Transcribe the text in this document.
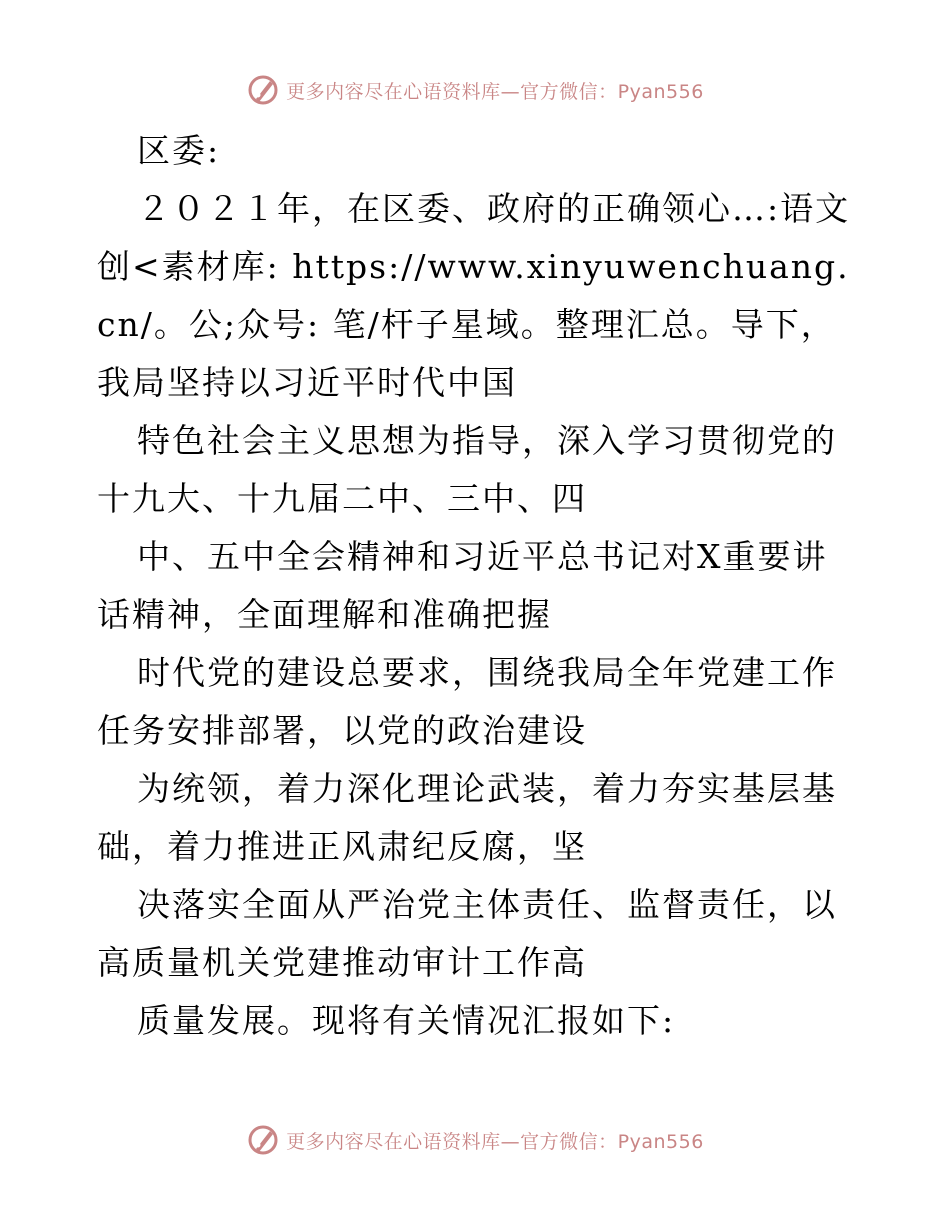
更多内容尽在心语资料库—官方微信：Pyan556

区委:

２０２１年，在区委、政府的正确领心…:语文创<素材库: https://www.xinyuwenchuang.cn/。公;众号: 笔/杆子星域。整理汇总。导下，我局坚持以习近平时代中国

特色社会主义思想为指导，深入学习贯彻党的十九大、十九届二中、三中、四

中、五中全会精神和习近平总书记对X重要讲话精神，全面理解和准确把握

时代党的建设总要求，围绕我局全年党建工作任务安排部署，以党的政治建设

为统领，着力深化理论武装，着力夯实基层基础，着力推进正风肃纪反腐，坚

决落实全面从严治党主体责任、监督责任，以高质量机关党建推动审计工作高

质量发展。现将有关情况汇报如下:

更多内容尽在心语资料库—官方微信：Pyan556
